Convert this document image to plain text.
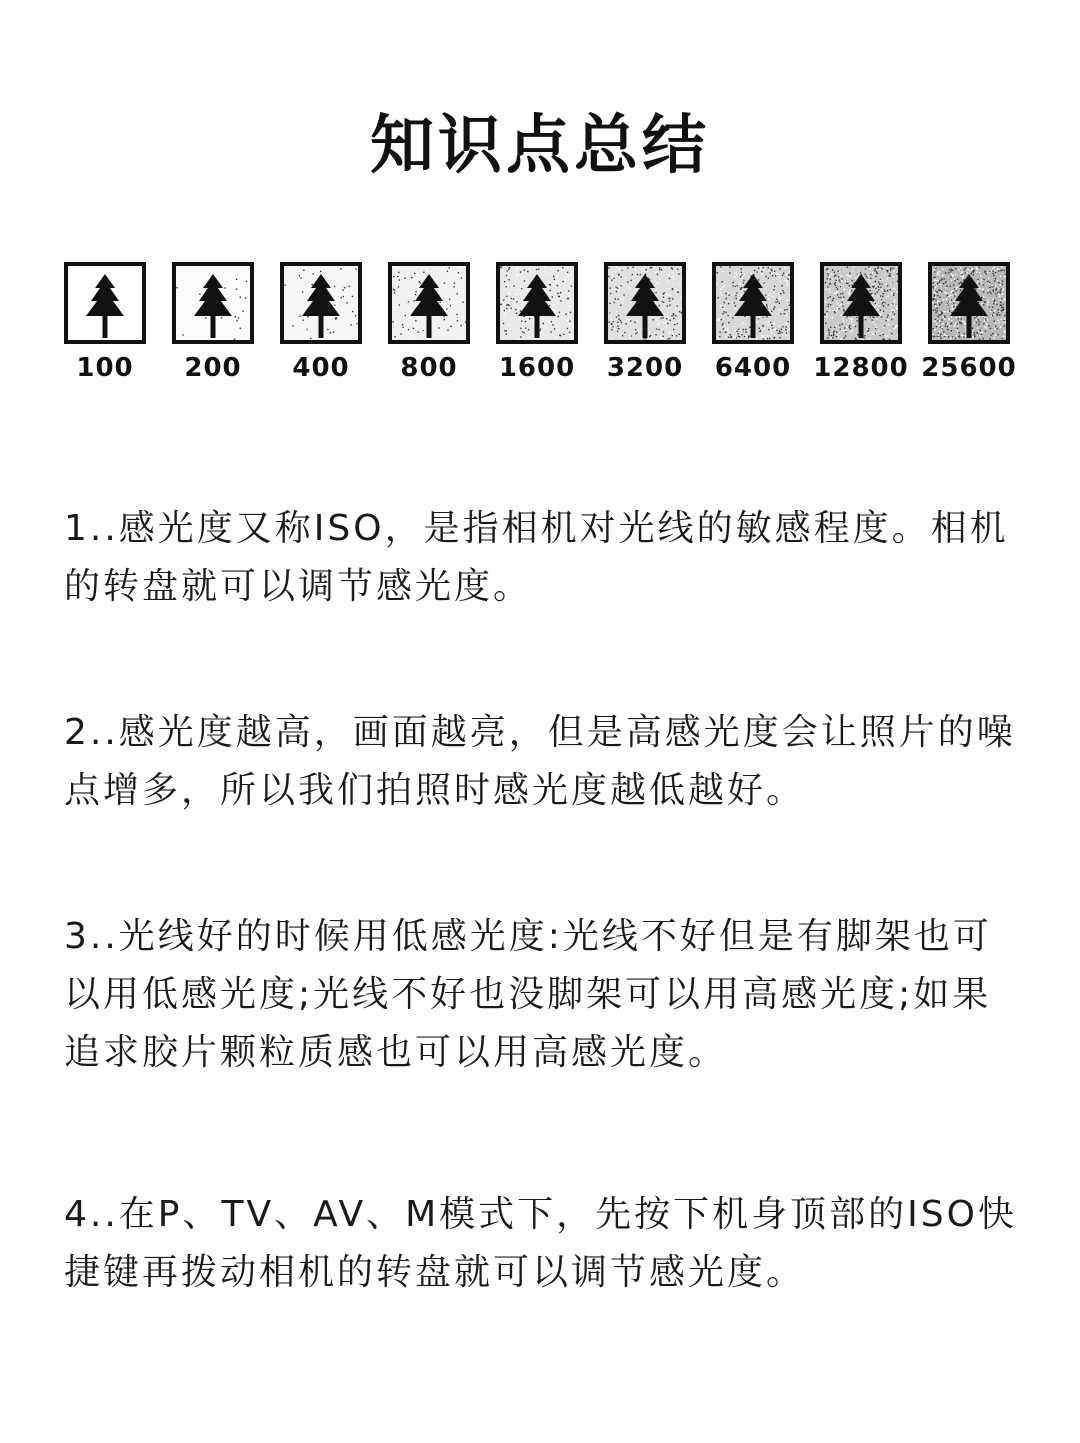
知识点总结
100	200	400	800	1600	3200	6400 12800 25600
1..感光度又称ISO，是指相机对光线的敏感程度。相机的转盘就可以调节感光度。
2..感光度越高，画面越亮，但是高感光度会让照片的噪点增多，所以我们拍照时感光度越低越好。
3..光线好的时候用低感光度:光线不好但是有脚架也可以用低感光度;光线不好也没脚架可以用高感光度;如果追求胶片颗粒质感也可以用高感光度。
4..在P、TV、AV、M模式下，先按下机身顶部的ISO快捷键再拨动相机的转盘就可以调节感光度。
